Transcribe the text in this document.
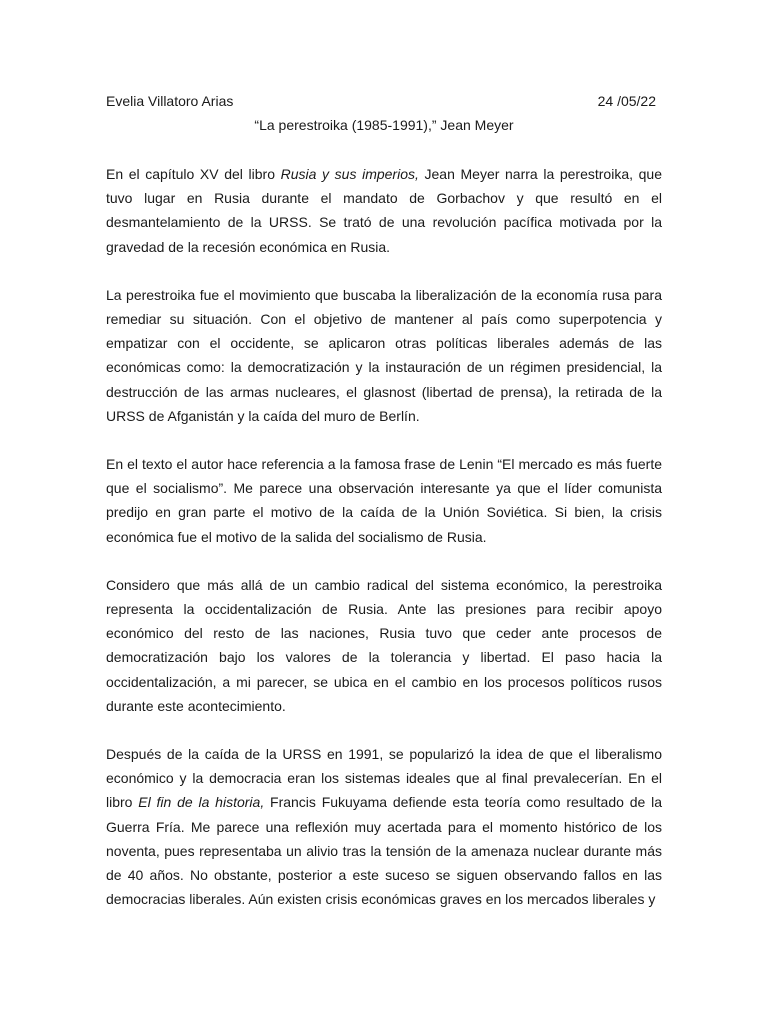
Evelia Villatoro Arias	24 /05/22
“La perestroika (1985-1991),” Jean Meyer

En el capítulo XV del libro Rusia y sus imperios, Jean Meyer narra la perestroika, que tuvo lugar en Rusia durante el mandato de Gorbachov y que resultó en el desmantelamiento de la URSS. Se trató de una revolución pacífica motivada por la gravedad de la recesión económica en Rusia.

La perestroika fue el movimiento que buscaba la liberalización de la economía rusa para remediar su situación. Con el objetivo de mantener al país como superpotencia y empatizar con el occidente, se aplicaron otras políticas liberales además de las económicas como: la democratización y la instauración de un régimen presidencial, la destrucción de las armas nucleares, el glasnost (libertad de prensa), la retirada de la URSS de Afganistán y la caída del muro de Berlín.

En el texto el autor hace referencia a la famosa frase de Lenin “El mercado es más fuerte que el socialismo”. Me parece una observación interesante ya que el líder comunista predijo en gran parte el motivo de la caída de la Unión Soviética. Si bien, la crisis económica fue el motivo de la salida del socialismo de Rusia.

Considero que más allá de un cambio radical del sistema económico, la perestroika representa la occidentalización de Rusia. Ante las presiones para recibir apoyo económico del resto de las naciones, Rusia tuvo que ceder ante procesos de democratización bajo los valores de la tolerancia y libertad. El paso hacia la occidentalización, a mi parecer, se ubica en el cambio en los procesos políticos rusos durante este acontecimiento.

Después de la caída de la URSS en 1991, se popularizó la idea de que el liberalismo económico y la democracia eran los sistemas ideales que al final prevalecerían. En el libro El fin de la historia, Francis Fukuyama defiende esta teoría como resultado de la Guerra Fría. Me parece una reflexión muy acertada para el momento histórico de los noventa, pues representaba un alivio tras la tensión de la amenaza nuclear durante más de 40 años. No obstante, posterior a este suceso se siguen observando fallos en las democracias liberales. Aún existen crisis económicas graves en los mercados liberales y
